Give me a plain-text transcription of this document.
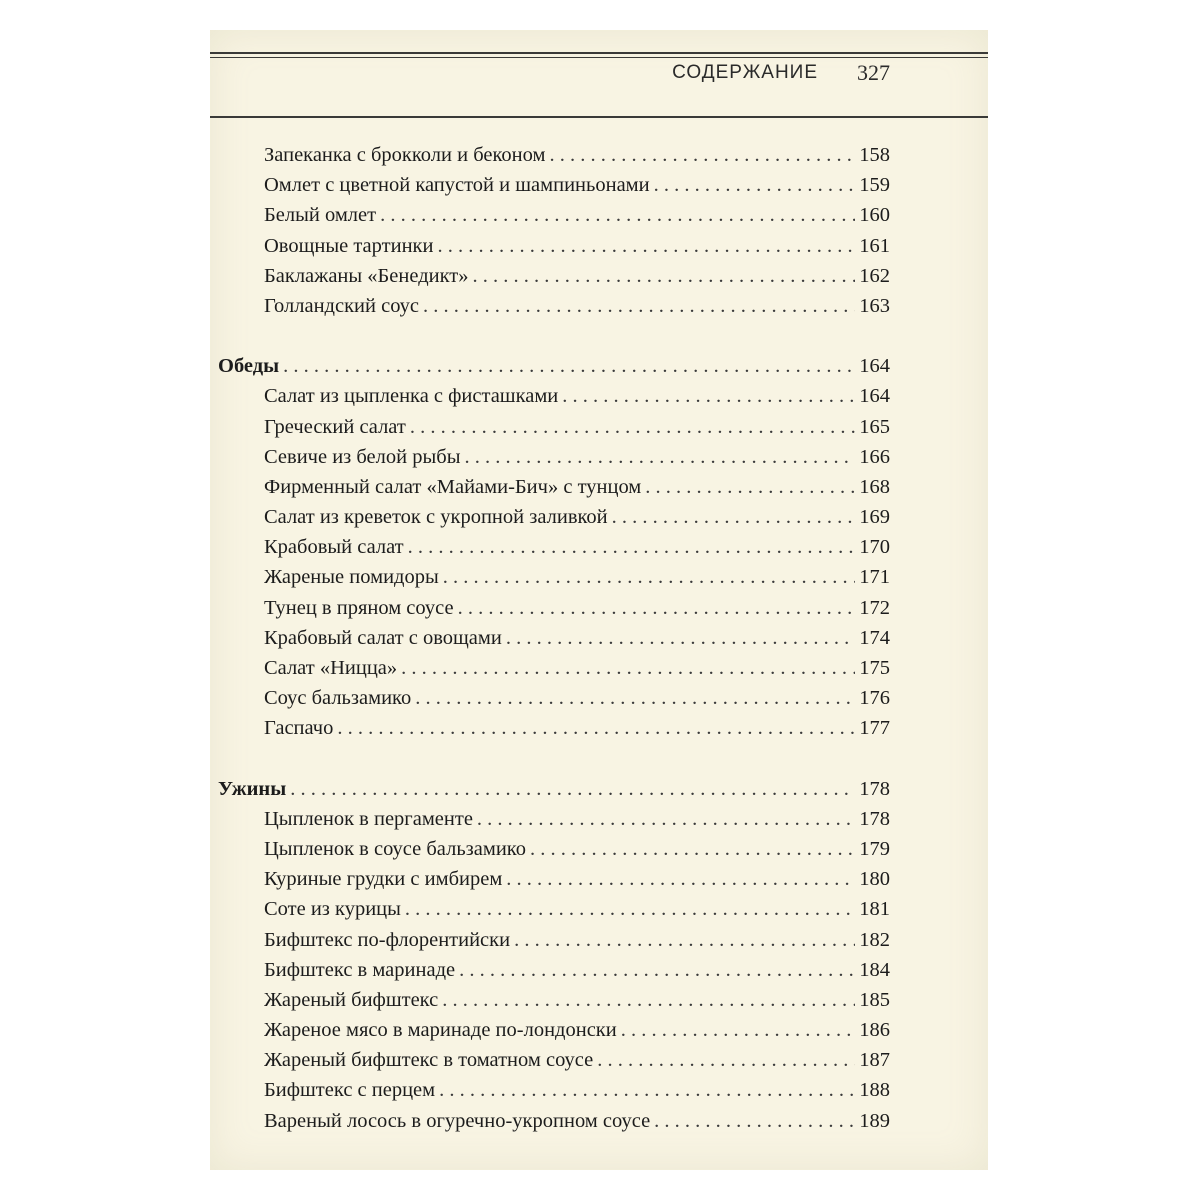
СОДЕРЖАНИЕ 327
Запеканка с брокколи и беконом . . .	158
Омлет с цветной капустой и шампиньонами . . .	159
Белый омлет . . .	160
Овощные тартинки . . .	161
Баклажаны «Бенедикт» . . .	162
Голландский соус . . .	163
Обеды . . .	164
Салат из цыпленка с фисташками . . .	164
Греческий салат . . .	165
Севиче из белой рыбы . . .	166
Фирменный салат «Майами-Бич» с тунцом . . .	168
Салат из креветок с укропной заливкой . . .	169
Крабовый салат . . .	170
Жареные помидоры . . .	171
Тунец в пряном соусе . . .	172
Крабовый салат с овощами . . .	174
Салат «Ницца» . . .	175
Соус бальзамико . . .	176
Гаспачо . . .	177
Ужины . . .	178
Цыпленок в пергаменте . . .	178
Цыпленок в соусе бальзамико . . .	179
Куриные грудки с имбирем . . .	180
Соте из курицы . . .	181
Бифштекс по-флорентийски . . .	182
Бифштекс в маринаде . . .	184
Жареный бифштекс . . .	185
Жареное мясо в маринаде по-лондонски . . .	186
Жареный бифштекс в томатном соусе . . .	187
Бифштекс с перцем . . .	188
Вареный лосось в огуречно-укропном соусе . . .	189
